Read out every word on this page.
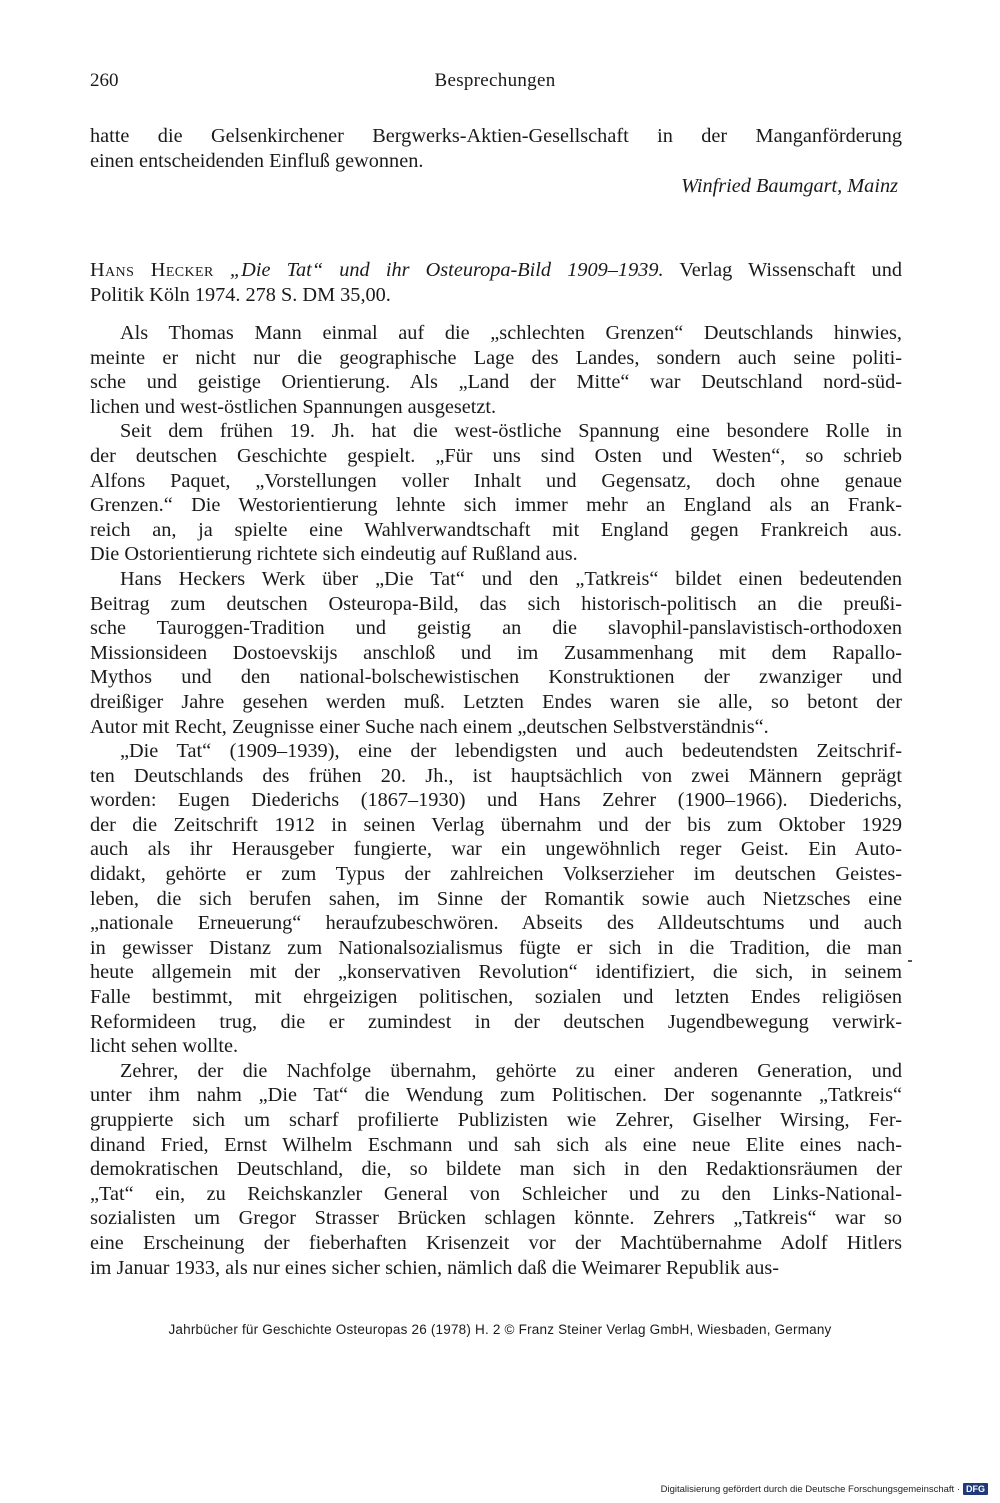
260	Besprechungen
hatte die Gelsenkirchener Bergwerks-Aktien-Gesellschaft in der Manganförderung
einen entscheidenden Einfluß gewonnen.
Winfried Baumgart, Mainz
Hans Hecker „Die Tat“ und ihr Osteuropa-Bild 1909–1939. Verlag Wissenschaft und
Politik Köln 1974. 278 S. DM 35,00.
Als Thomas Mann einmal auf die „schlechten Grenzen“ Deutschlands hinwies,
meinte er nicht nur die geographische Lage des Landes, sondern auch seine politi-
sche und geistige Orientierung. Als „Land der Mitte“ war Deutschland nord-süd-
lichen und west-östlichen Spannungen ausgesetzt.
Seit dem frühen 19. Jh. hat die west-östliche Spannung eine besondere Rolle in
der deutschen Geschichte gespielt. „Für uns sind Osten und Westen“, so schrieb
Alfons Paquet, „Vorstellungen voller Inhalt und Gegensatz, doch ohne genaue
Grenzen.“ Die Westorientierung lehnte sich immer mehr an England als an Frank-
reich an, ja spielte eine Wahlverwandtschaft mit England gegen Frankreich aus.
Die Ostorientierung richtete sich eindeutig auf Rußland aus.
Hans Heckers Werk über „Die Tat“ und den „Tatkreis“ bildet einen bedeutenden
Beitrag zum deutschen Osteuropa-Bild, das sich historisch-politisch an die preußi-
sche Tauroggen-Tradition und geistig an die slavophil-panslavistisch-orthodoxen
Missionsideen Dostoevskijs anschloß und im Zusammenhang mit dem Rapallo-
Mythos und den national-bolschewistischen Konstruktionen der zwanziger und
dreißiger Jahre gesehen werden muß. Letzten Endes waren sie alle, so betont der
Autor mit Recht, Zeugnisse einer Suche nach einem „deutschen Selbstverständnis“.
„Die Tat“ (1909–1939), eine der lebendigsten und auch bedeutendsten Zeitschrif-
ten Deutschlands des frühen 20. Jh., ist hauptsächlich von zwei Männern geprägt
worden: Eugen Diederichs (1867–1930) und Hans Zehrer (1900–1966). Diederichs,
der die Zeitschrift 1912 in seinen Verlag übernahm und der bis zum Oktober 1929
auch als ihr Herausgeber fungierte, war ein ungewöhnlich reger Geist. Ein Auto-
didakt, gehörte er zum Typus der zahlreichen Volkserzieher im deutschen Geistes-
leben, die sich berufen sahen, im Sinne der Romantik sowie auch Nietzsches eine
„nationale Erneuerung“ heraufzubeschwören. Abseits des Alldeutschtums und auch
in gewisser Distanz zum Nationalsozialismus fügte er sich in die Tradition, die man
heute allgemein mit der „konservativen Revolution“ identifiziert, die sich, in seinem
Falle bestimmt, mit ehrgeizigen politischen, sozialen und letzten Endes religiösen
Reformideen trug, die er zumindest in der deutschen Jugendbewegung verwirk-
licht sehen wollte.
Zehrer, der die Nachfolge übernahm, gehörte zu einer anderen Generation, und
unter ihm nahm „Die Tat“ die Wendung zum Politischen. Der sogenannte „Tatkreis“
gruppierte sich um scharf profilierte Publizisten wie Zehrer, Giselher Wirsing, Fer-
dinand Fried, Ernst Wilhelm Eschmann und sah sich als eine neue Elite eines nach-
demokratischen Deutschland, die, so bildete man sich in den Redaktionsräumen der
„Tat“ ein, zu Reichskanzler General von Schleicher und zu den Links-National-
sozialisten um Gregor Strasser Brücken schlagen könnte. Zehrers „Tatkreis“ war so
eine Erscheinung der fieberhaften Krisenzeit vor der Machtübernahme Adolf Hitlers
im Januar 1933, als nur eines sicher schien, nämlich daß die Weimarer Republik aus-
Jahrbücher für Geschichte Osteuropas 26 (1978) H. 2 © Franz Steiner Verlag GmbH, Wiesbaden, Germany
Digitalisierung gefördert durch die Deutsche Forschungsgemeinschaft · DFG
